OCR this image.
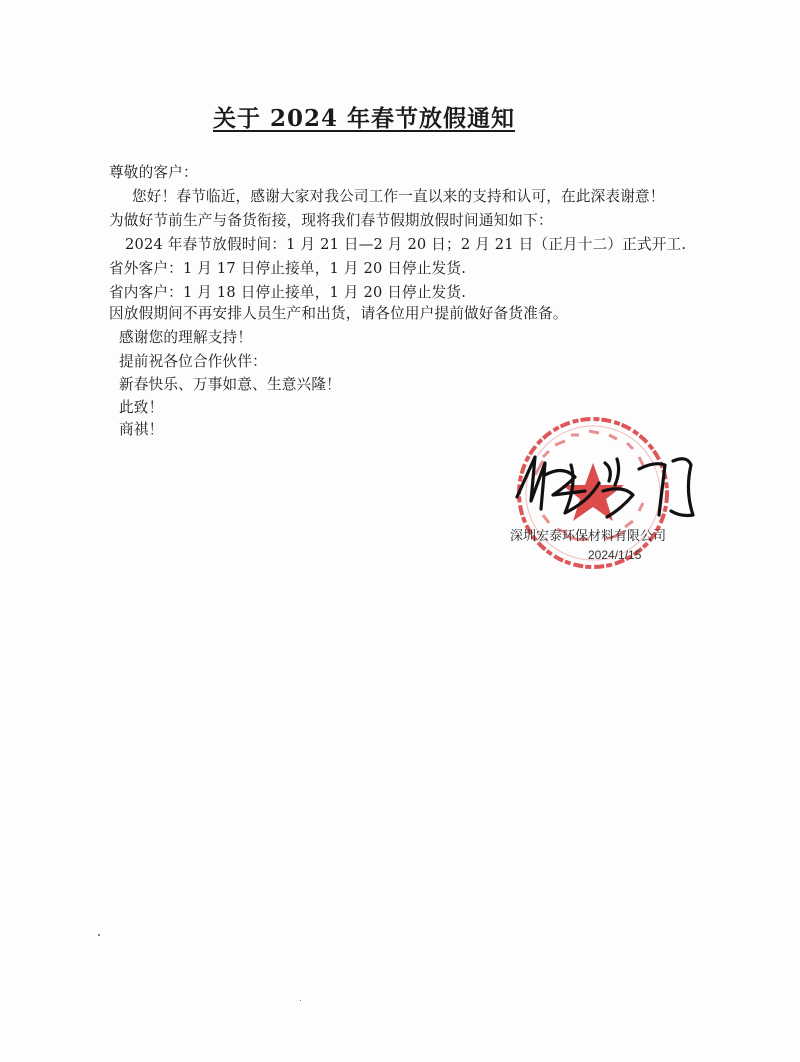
关于 2024 年春节放假通知
尊敬的客户：
您好！春节临近，感谢大家对我公司工作一直以来的支持和认可，在此深表谢意！
为做好节前生产与备货衔接，现将我们春节假期放假时间通知如下：
2024 年春节放假时间：1 月 21 日—2 月 20 日；2 月 21 日（正月十二）正式开工.
省外客户：1 月 17 日停止接单，1 月 20 日停止发货.
省内客户：1 月 18 日停止接单，1 月 20 日停止发货.
因放假期间不再安排人员生产和出货，请各位用户提前做好备货准备。
感谢您的理解支持！
提前祝各位合作伙伴：
新春快乐、万事如意、生意兴隆！
此致！
商祺！
深圳宏泰环保材料有限公司
2024/1/15
